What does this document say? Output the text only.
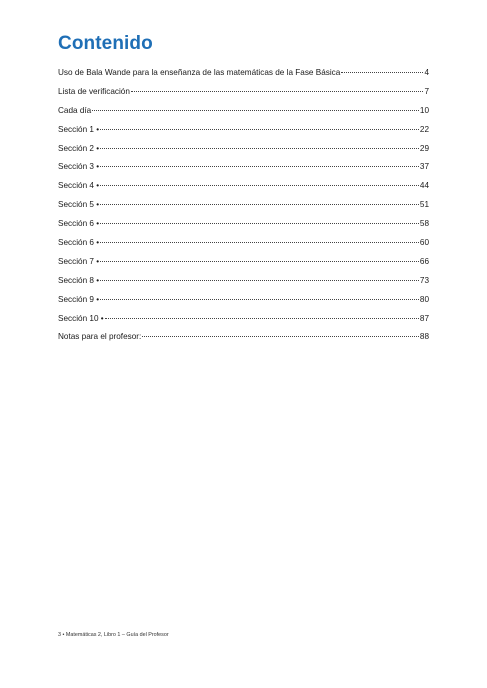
Contenido
Uso de Bala Wande para la enseñanza de las matemáticas de la Fase Básica	4
Lista de verificación	7
Cada día	10
Sección 1 •	22
Sección 2 •	29
Sección 3 •	37
Sección 4 •	44
Sección 5 •	51
Sección 6 •	58
Sección 6 •	60
Sección 7 •	66
Sección 8 •	73
Sección 9 •	80
Sección 10 •	87
Notas para el profesor:	88
3 • Matemáticas 2, Libro 1 – Guía del Profesor
